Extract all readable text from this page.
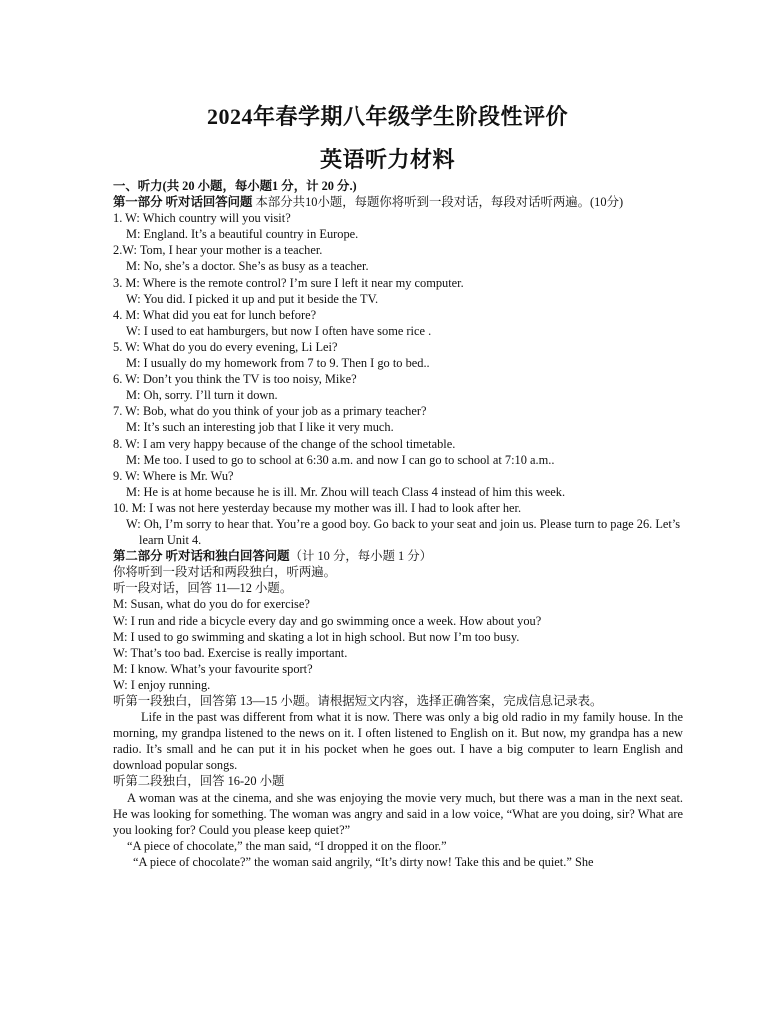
2024年春学期八年级学生阶段性评价
英语听力材料
一、听力(共 20 小题，每小题1 分，计 20 分.)
第一部分 听对话回答问题 本部分共10小题，每题你将听到一段对话，每段对话听两遍。(10分)
1. W: Which country will you visit?
M: England. It’s a beautiful country in Europe.
2.W: Tom, I hear your mother is a teacher.
M: No, she’s a doctor. She’s as busy as a teacher.
3. M: Where is the remote control? I’m sure I left it near my computer.
W: You did. I picked it up and put it beside the TV.
4. M: What did you eat for lunch before?
W: I used to eat hamburgers, but now I often have some rice .
5. W: What do you do every evening, Li Lei?
M: I usually do my homework from 7 to 9. Then I go to bed..
6. W: Don’t you think the TV is too noisy, Mike?
M: Oh, sorry. I’ll turn it down.
7. W: Bob, what do you think of your job as a primary teacher?
M: It’s such an interesting job that I like it very much.
8. W: I am very happy because of the change of the school timetable.
M: Me too. I used to go to school at 6:30 a.m. and now I can go to school at 7:10 a.m..
9. W: Where is Mr. Wu?
M: He is at home because he is ill. Mr. Zhou will teach Class 4 instead of him this week.
10. M: I was not here yesterday because my mother was ill. I had to look after her.
W: Oh, I’m sorry to hear that. You’re a good boy. Go back to your seat and join us. Please turn to page 26. Let’s learn Unit 4.
第二部分 听对话和独白回答问题（计 10 分，每小题 1 分）
你将听到一段对话和两段独白，听两遍。
听一段对话，回答 11—12 小题。
M: Susan, what do you do for exercise?
W: I run and ride a bicycle every day and go swimming once a week. How about you?
M: I used to go swimming and skating a lot in high school. But now I’m too busy.
W: That’s too bad. Exercise is really important.
M: I know. What’s your favourite sport?
W: I enjoy running.
听第一段独白，回答第 13—15 小题。请根据短文内容，选择正确答案，完成信息记录表。
Life in the past was different from what it is now. There was only a big old radio in my family house. In the morning, my grandpa listened to the news on it. I often listened to English on it. But now, my grandpa has a new radio. It’s small and he can put it in his pocket when he goes out. I have a big computer to learn English and download popular songs.
听第二段独白，回答 16-20 小题
A woman was at the cinema, and she was enjoying the movie very much, but there was a man in the next seat. He was looking for something. The woman was angry and said in a low voice, “What are you doing, sir? What are you looking for? Could you please keep quiet?”
“A piece of chocolate,” the man said, “I dropped it on the floor.”
“A piece of chocolate?” the woman said angrily, “It’s dirty now! Take this and be quiet.” She
